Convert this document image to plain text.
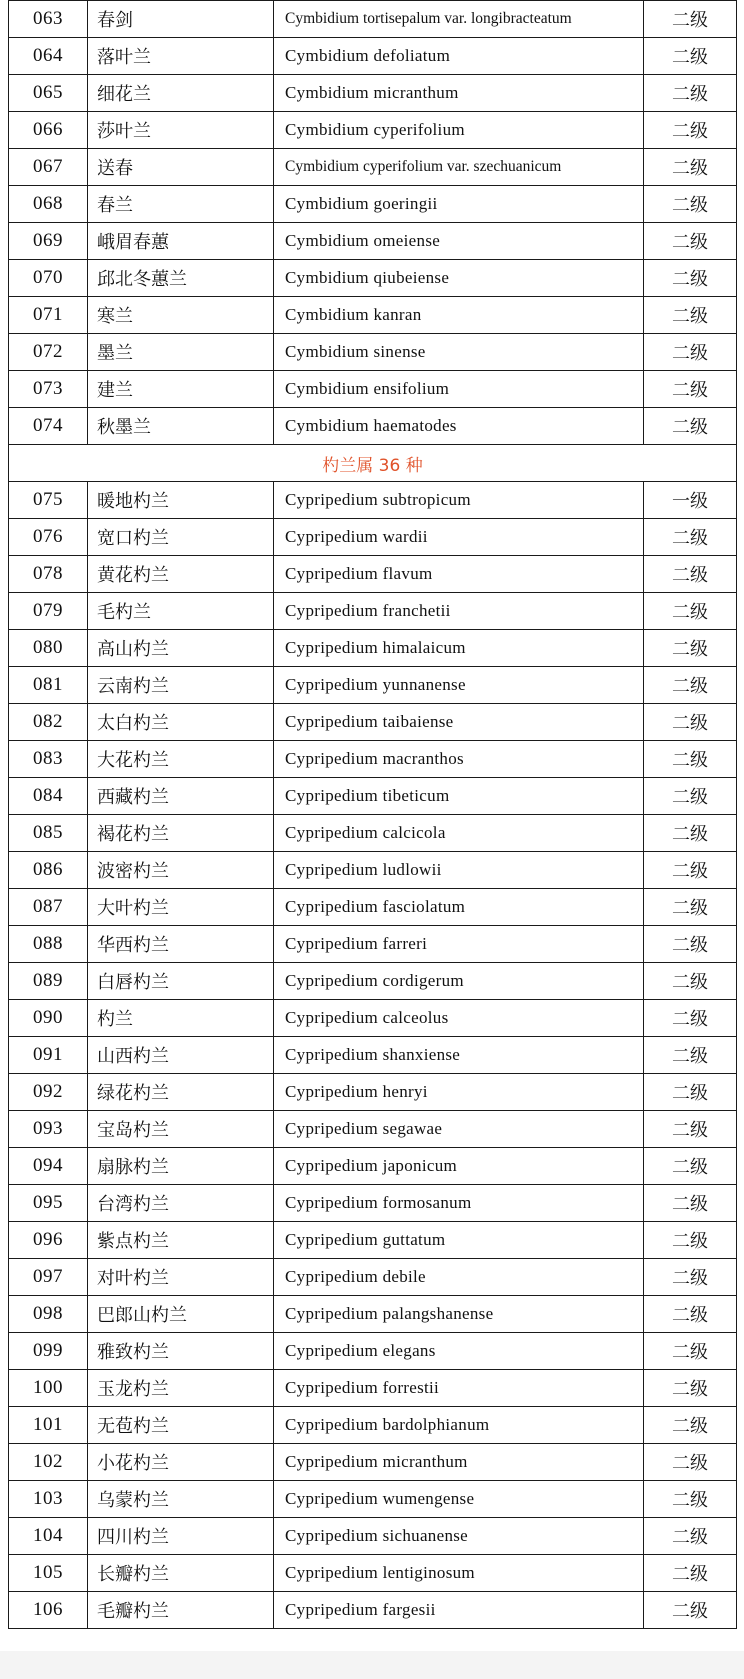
063	春剑	Cymbidium tortisepalum var. longibracteatum	二级
064	落叶兰	Cymbidium defoliatum	二级
065	细花兰	Cymbidium micranthum	二级
066	莎叶兰	Cymbidium cyperifolium	二级
067	送春	Cymbidium cyperifolium var. szechuanicum	二级
068	春兰	Cymbidium goeringii	二级
069	峨眉春蕙	Cymbidium omeiense	二级
070	邱北冬蕙兰	Cymbidium qiubeiense	二级
071	寒兰	Cymbidium kanran	二级
072	墨兰	Cymbidium sinense	二级
073	建兰	Cymbidium ensifolium	二级
074	秋墨兰	Cymbidium haematodes	二级
杓兰属 36 种			
075	暖地杓兰	Cypripedium subtropicum	一级
076	宽口杓兰	Cypripedium wardii	二级
078	黄花杓兰	Cypripedium flavum	二级
079	毛杓兰	Cypripedium franchetii	二级
080	高山杓兰	Cypripedium himalaicum	二级
081	云南杓兰	Cypripedium yunnanense	二级
082	太白杓兰	Cypripedium taibaiense	二级
083	大花杓兰	Cypripedium macranthos	二级
084	西藏杓兰	Cypripedium tibeticum	二级
085	褐花杓兰	Cypripedium calcicola	二级
086	波密杓兰	Cypripedium ludlowii	二级
087	大叶杓兰	Cypripedium fasciolatum	二级
088	华西杓兰	Cypripedium farreri	二级
089	白唇杓兰	Cypripedium cordigerum	二级
090	杓兰	Cypripedium calceolus	二级
091	山西杓兰	Cypripedium shanxiense	二级
092	绿花杓兰	Cypripedium henryi	二级
093	宝岛杓兰	Cypripedium segawae	二级
094	扇脉杓兰	Cypripedium japonicum	二级
095	台湾杓兰	Cypripedium formosanum	二级
096	紫点杓兰	Cypripedium guttatum	二级
097	对叶杓兰	Cypripedium debile	二级
098	巴郎山杓兰	Cypripedium palangshanense	二级
099	雅致杓兰	Cypripedium elegans	二级
100	玉龙杓兰	Cypripedium forrestii	二级
101	无苞杓兰	Cypripedium bardolphianum	二级
102	小花杓兰	Cypripedium micranthum	二级
103	乌蒙杓兰	Cypripedium wumengense	二级
104	四川杓兰	Cypripedium sichuanense	二级
105	长瓣杓兰	Cypripedium lentiginosum	二级
106	毛瓣杓兰	Cypripedium fargesii	二级
